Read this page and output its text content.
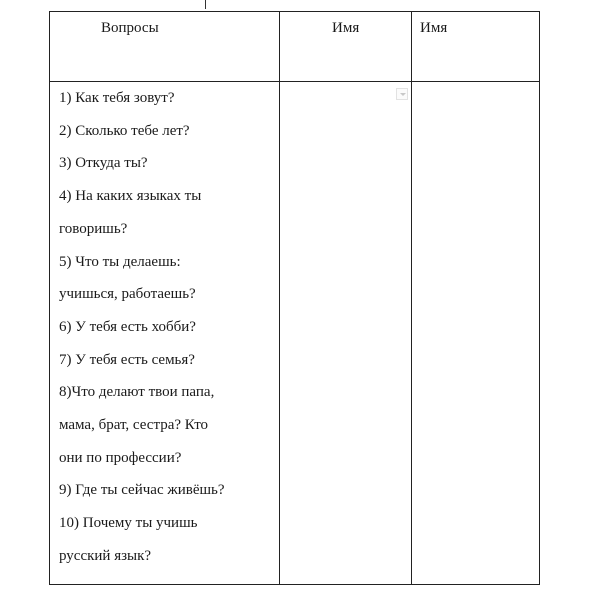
Вопросы	Имя	Имя
1) Как тебя зовут?
2) Сколько тебе лет?
3) Откуда ты?
4) На каких языках ты
говоришь?
5) Что ты делаешь:
учишься, работаешь?
6) У тебя есть хобби?
7) У тебя есть семья?
8)Что делают твои папа,
мама, брат, сестра? Кто
они по профессии?
9) Где ты сейчас живёшь?
10) Почему ты учишь
русский язык?
